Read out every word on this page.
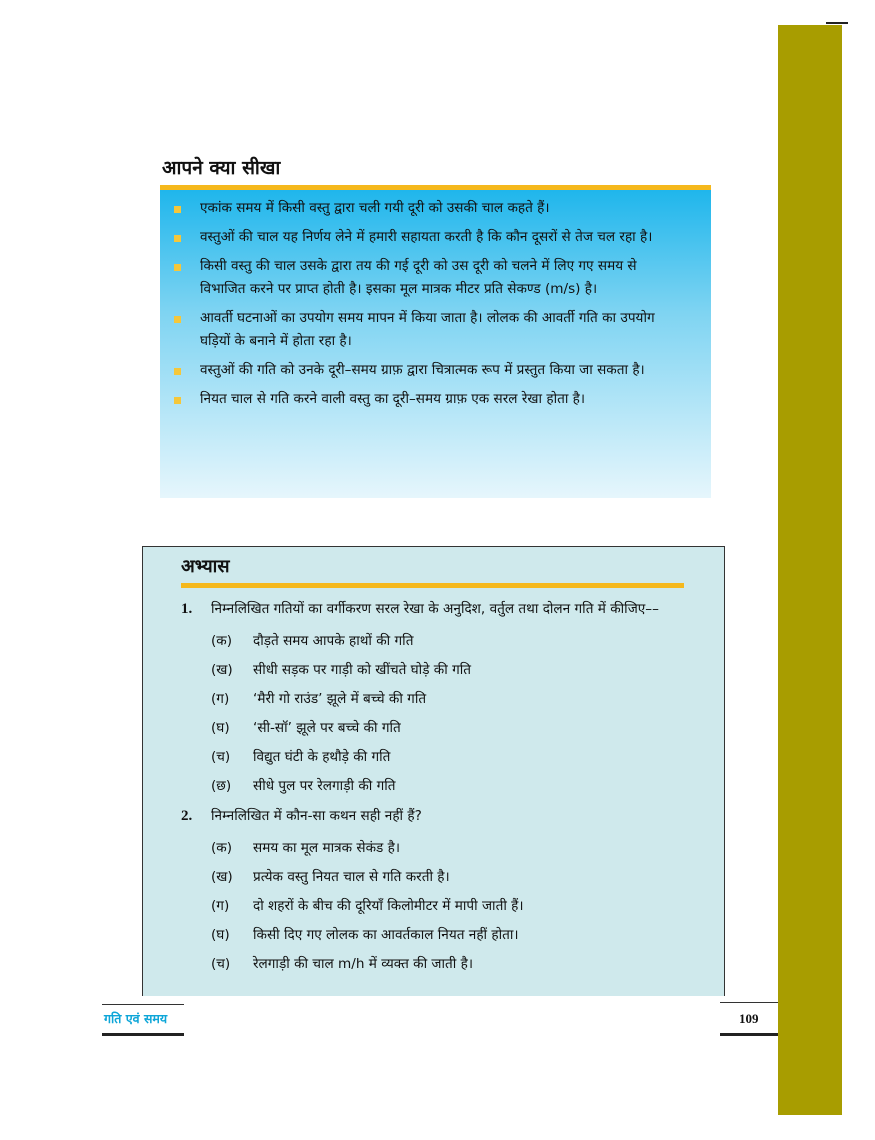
आपने क्या सीखा
एकांक समय में किसी वस्तु द्वारा चली गयी दूरी को उसकी चाल कहते हैं।
वस्तुओं की चाल यह निर्णय लेने में हमारी सहायता करती है कि कौन दूसरों से तेज चल रहा है।
किसी वस्तु की चाल उसके द्वारा तय की गई दूरी को उस दूरी को चलने में लिए गए समय से विभाजित करने पर प्राप्त होती है। इसका मूल मात्रक मीटर प्रति सेकण्ड (m/s) है।
आवर्ती घटनाओं का उपयोग समय मापन में किया जाता है। लोलक की आवर्ती गति का उपयोग घड़ियों के बनाने में होता रहा है।
वस्तुओं की गति को उनके दूरी–समय ग्राफ़ द्वारा चित्रात्मक रूप में प्रस्तुत किया जा सकता है।
नियत चाल से गति करने वाली वस्तु का दूरी–समय ग्राफ़ एक सरल रेखा होता है।
अभ्यास
1. निम्नलिखित गतियों का वर्गीकरण सरल रेखा के अनुदिश, वर्तुल तथा दोलन गति में कीजिए––
(क) दौड़ते समय आपके हाथों की गति
(ख) सीधी सड़क पर गाड़ी को खींचते घोड़े की गति
(ग) ‘मैरी गो राउंड’ झूले में बच्चे की गति
(घ) ‘सी-सॉ’ झूले पर बच्चे की गति
(च) विद्युत घंटी के हथौड़े की गति
(छ) सीधे पुल पर रेलगाड़ी की गति
2. निम्नलिखित में कौन-सा कथन सही नहीं हैं?
(क) समय का मूल मात्रक सेकंड है।
(ख) प्रत्येक वस्तु नियत चाल से गति करती है।
(ग) दो शहरों के बीच की दूरियाँ किलोमीटर में मापी जाती हैं।
(घ) किसी दिए गए लोलक का आवर्तकाल नियत नहीं होता।
(च) रेलगाड़ी की चाल m/h में व्यक्त की जाती है।
गति एवं समय	109
